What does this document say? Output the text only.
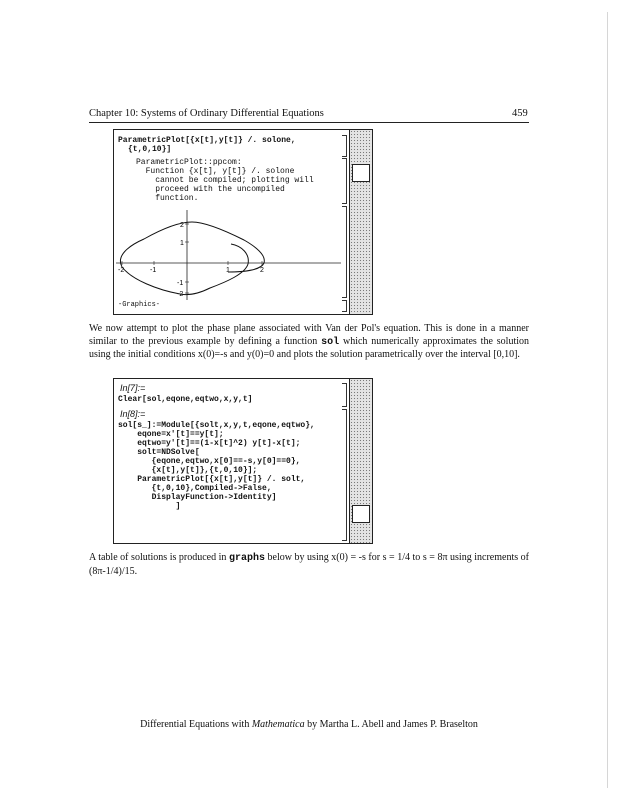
Chapter 10: Systems of Ordinary Differential Equations	459
ParametricPlot[{x[t],y[t]} /. solone,
{t,0,10}]
ParametricPlot::ppcom:
Function {x[t], y[t]} /. solone
cannot be compiled; plotting will
proceed with the uncompiled
function.
-2	-1	1	2
2
1
-1
-2
-Graphics-
We now attempt to plot the phase plane associated with Van der Pol's equation. This is done in a manner similar to the previous example by defining a function sol which numerically approximates the solution using the initial conditions x(0)=-s and y(0)=0 and plots the solution parametrically over the interval [0,10].
In[7]:=
Clear[sol,eqone,eqtwo,x,y,t]
In[8]:=
sol[s_]:=Module[{solt,x,y,t,eqone,eqtwo},
eqone=x'[t]==y[t];
eqtwo=y'[t]==(1-x[t]^2) y[t]-x[t];
solt=NDSolve[
{eqone,eqtwo,x[0]==-s,y[0]==0},
{x[t],y[t]},{t,0,10}];
ParametricPlot[{x[t],y[t]} /. solt,
{t,0,10},Compiled->False,
DisplayFunction->Identity]
]
A table of solutions is produced in graphs below by using x(0) = -s for s = 1/4 to s = 8π using increments of (8π-1/4)/15.
Differential Equations with Mathematica by Martha L. Abell and James P. Braselton
